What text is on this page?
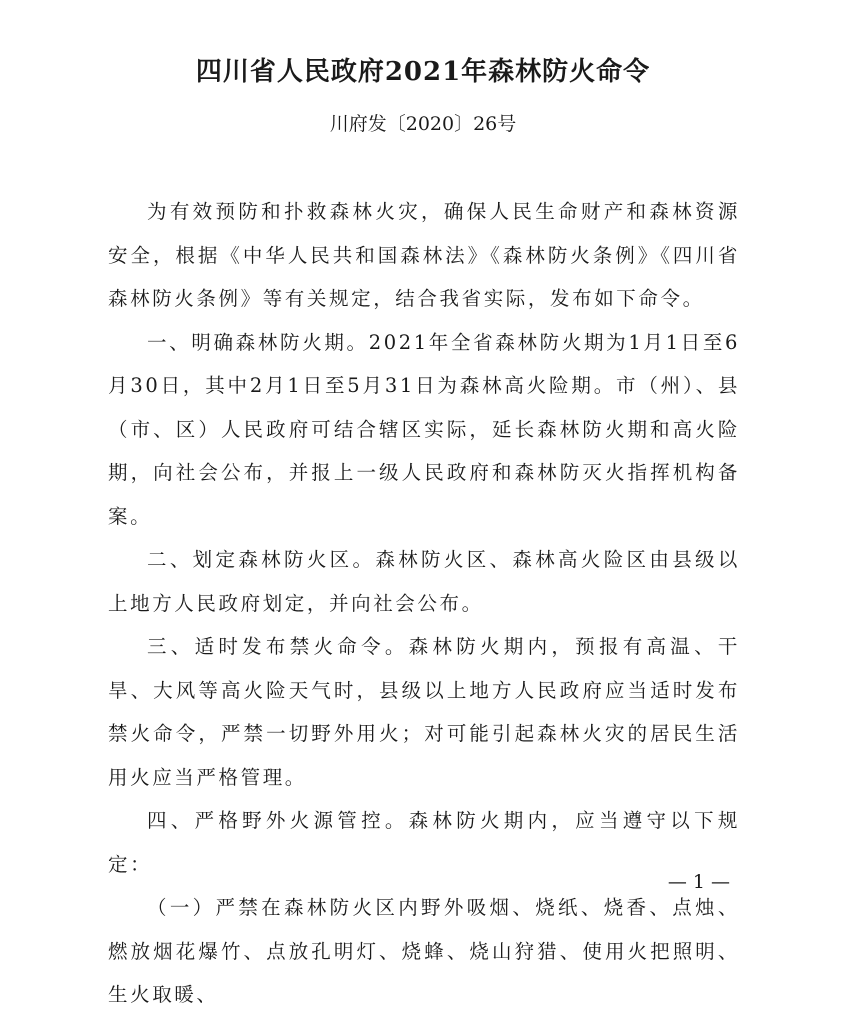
四川省人民政府2021年森林防火命令
川府发〔2020〕26号

为有效预防和扑救森林火灾，确保人民生命财产和森林资源安全，根据《中华人民共和国森林法》《森林防火条例》《四川省森林防火条例》等有关规定，结合我省实际，发布如下命令。

一、明确森林防火期。2021年全省森林防火期为1月1日至6月30日，其中2月1日至5月31日为森林高火险期。市（州）、县（市、区）人民政府可结合辖区实际，延长森林防火期和高火险期，向社会公布，并报上一级人民政府和森林防灭火指挥机构备案。

二、划定森林防火区。森林防火区、森林高火险区由县级以上地方人民政府划定，并向社会公布。

三、适时发布禁火命令。森林防火期内，预报有高温、干旱、大风等高火险天气时，县级以上地方人民政府应当适时发布禁火命令，严禁一切野外用火；对可能引起森林火灾的居民生活用火应当严格管理。

四、严格野外火源管控。森林防火期内，应当遵守以下规定：

（一）严禁在森林防火区内野外吸烟、烧纸、烧香、点烛、燃放烟花爆竹、点放孔明灯、烧蜂、烧山狩猎、使用火把照明、生火取暖、

— 1 —
